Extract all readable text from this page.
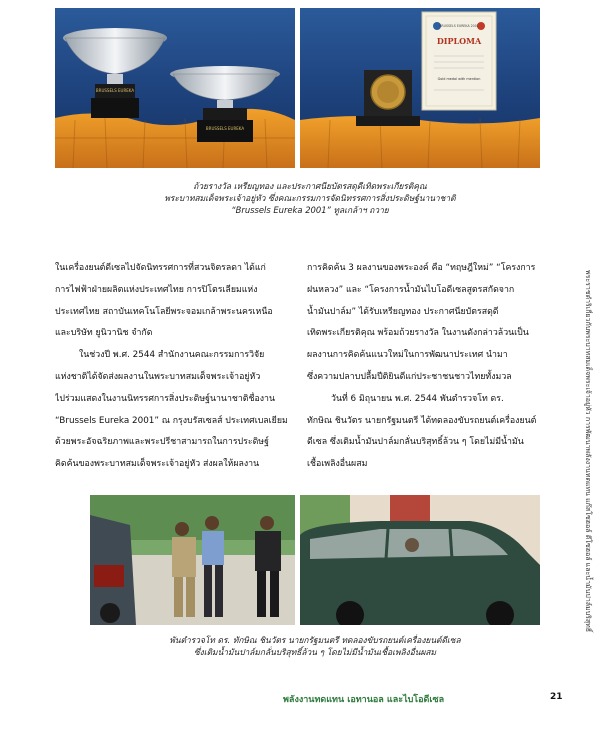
BRUSSELS EUREKA
BRUSSELS EUREKA
BRUSSELS EUREKA 2001
DIPLOMA
Gold medal with mention
ถ้วยรางวัล เหรียญทอง และประกาศนียบัตรสดุดีเทิดพระเกียรติคุณ
พระบาทสมเด็จพระเจ้าอยู่หัว ซึ่งคณะกรรมการจัดนิทรรศการสิ่งประดิษฐ์นานาชาติ
“Brussels Eureka 2001” ทูลเกล้าฯ ถวาย
ในเครื่องยนต์ดีเซลไปจัดนิทรรศการที่สวนจิตรลดา ได้แก่
การไฟฟ้าฝ่ายผลิตแห่งประเทศไทย การปิโตรเลียมแห่ง
ประเทศไทย สถาบันเทคโนโลยีพระจอมเกล้าพระนครเหนือ
และบริษัท ยูนิวานิช จำกัด
ในช่วงปี พ.ศ. 2544 สำนักงานคณะกรรมการวิจัย
แห่งชาติได้จัดส่งผลงานในพระบาทสมเด็จพระเจ้าอยู่หัว
ไปร่วมแสดงในงานนิทรรศการสิ่งประดิษฐ์นานาชาติชื่องาน
“Brussels Eureka 2001” ณ กรุงบรัสเซลส์ ประเทศเบลเยียม
ด้วยพระอัจฉริยภาพและพระปรีชาสามารถในการประดิษฐ์
คิดค้นของพระบาทสมเด็จพระเจ้าอยู่หัว ส่งผลให้ผลงาน
การคิดค้น 3 ผลงานของพระองค์ คือ “ทฤษฎีใหม่” “โครงการ
ฝนหลวง” และ “โครงการน้ำมันไบโอดีเซลสูตรสกัดจาก
น้ำมันปาล์ม” ได้รับเหรียญทอง ประกาศนียบัตรสดุดี
เทิดพระเกียรติคุณ พร้อมถ้วยรางวัล ในงานดังกล่าวล้วนเป็น
ผลงานการคิดค้นแนวใหม่ในการพัฒนาประเทศ นำมา
ซึ่งความปลาบปลื้มปีติยินดีแก่ประชาชนชาวไทยทั้งมวล
วันที่ 6 มิถุนายน พ.ศ. 2544 พันตำรวจโท ดร.
ทักษิณ ชินวัตร นายกรัฐมนตรี ได้ทดลองขับรถยนต์เครื่องยนต์
ดีเซล ซึ่งเติมน้ำมันปาล์มกลั่นบริสุทธิ์ล้วน ๆ โดยไม่มีน้ำมัน
เชื้อเพลิงอื่นผสม
พันตำรวจโท ดร. ทักษิณ ชินวัตร นายกรัฐมนตรี ทดลองขับรถยนต์เครื่องยนต์ดีเซล
ซึ่งเติมน้ำมันปาล์มกลั่นบริสุทธิ์ล้วน ๆ โดยไม่มีน้ำมันเชื้อเพลิงอื่นผสม
พระราชดำริเกี่ยวกับพระบาทสมเด็จพระเจ้าอยู่หัว การพัฒนาพลังงานทดแทน แก๊สโซฮอล์ ดีโซฮอล์ และน้ำมันปาล์มบริสุทธิ์
พลังงานทดแทน เอทานอล และไบโอดีเซล	21
